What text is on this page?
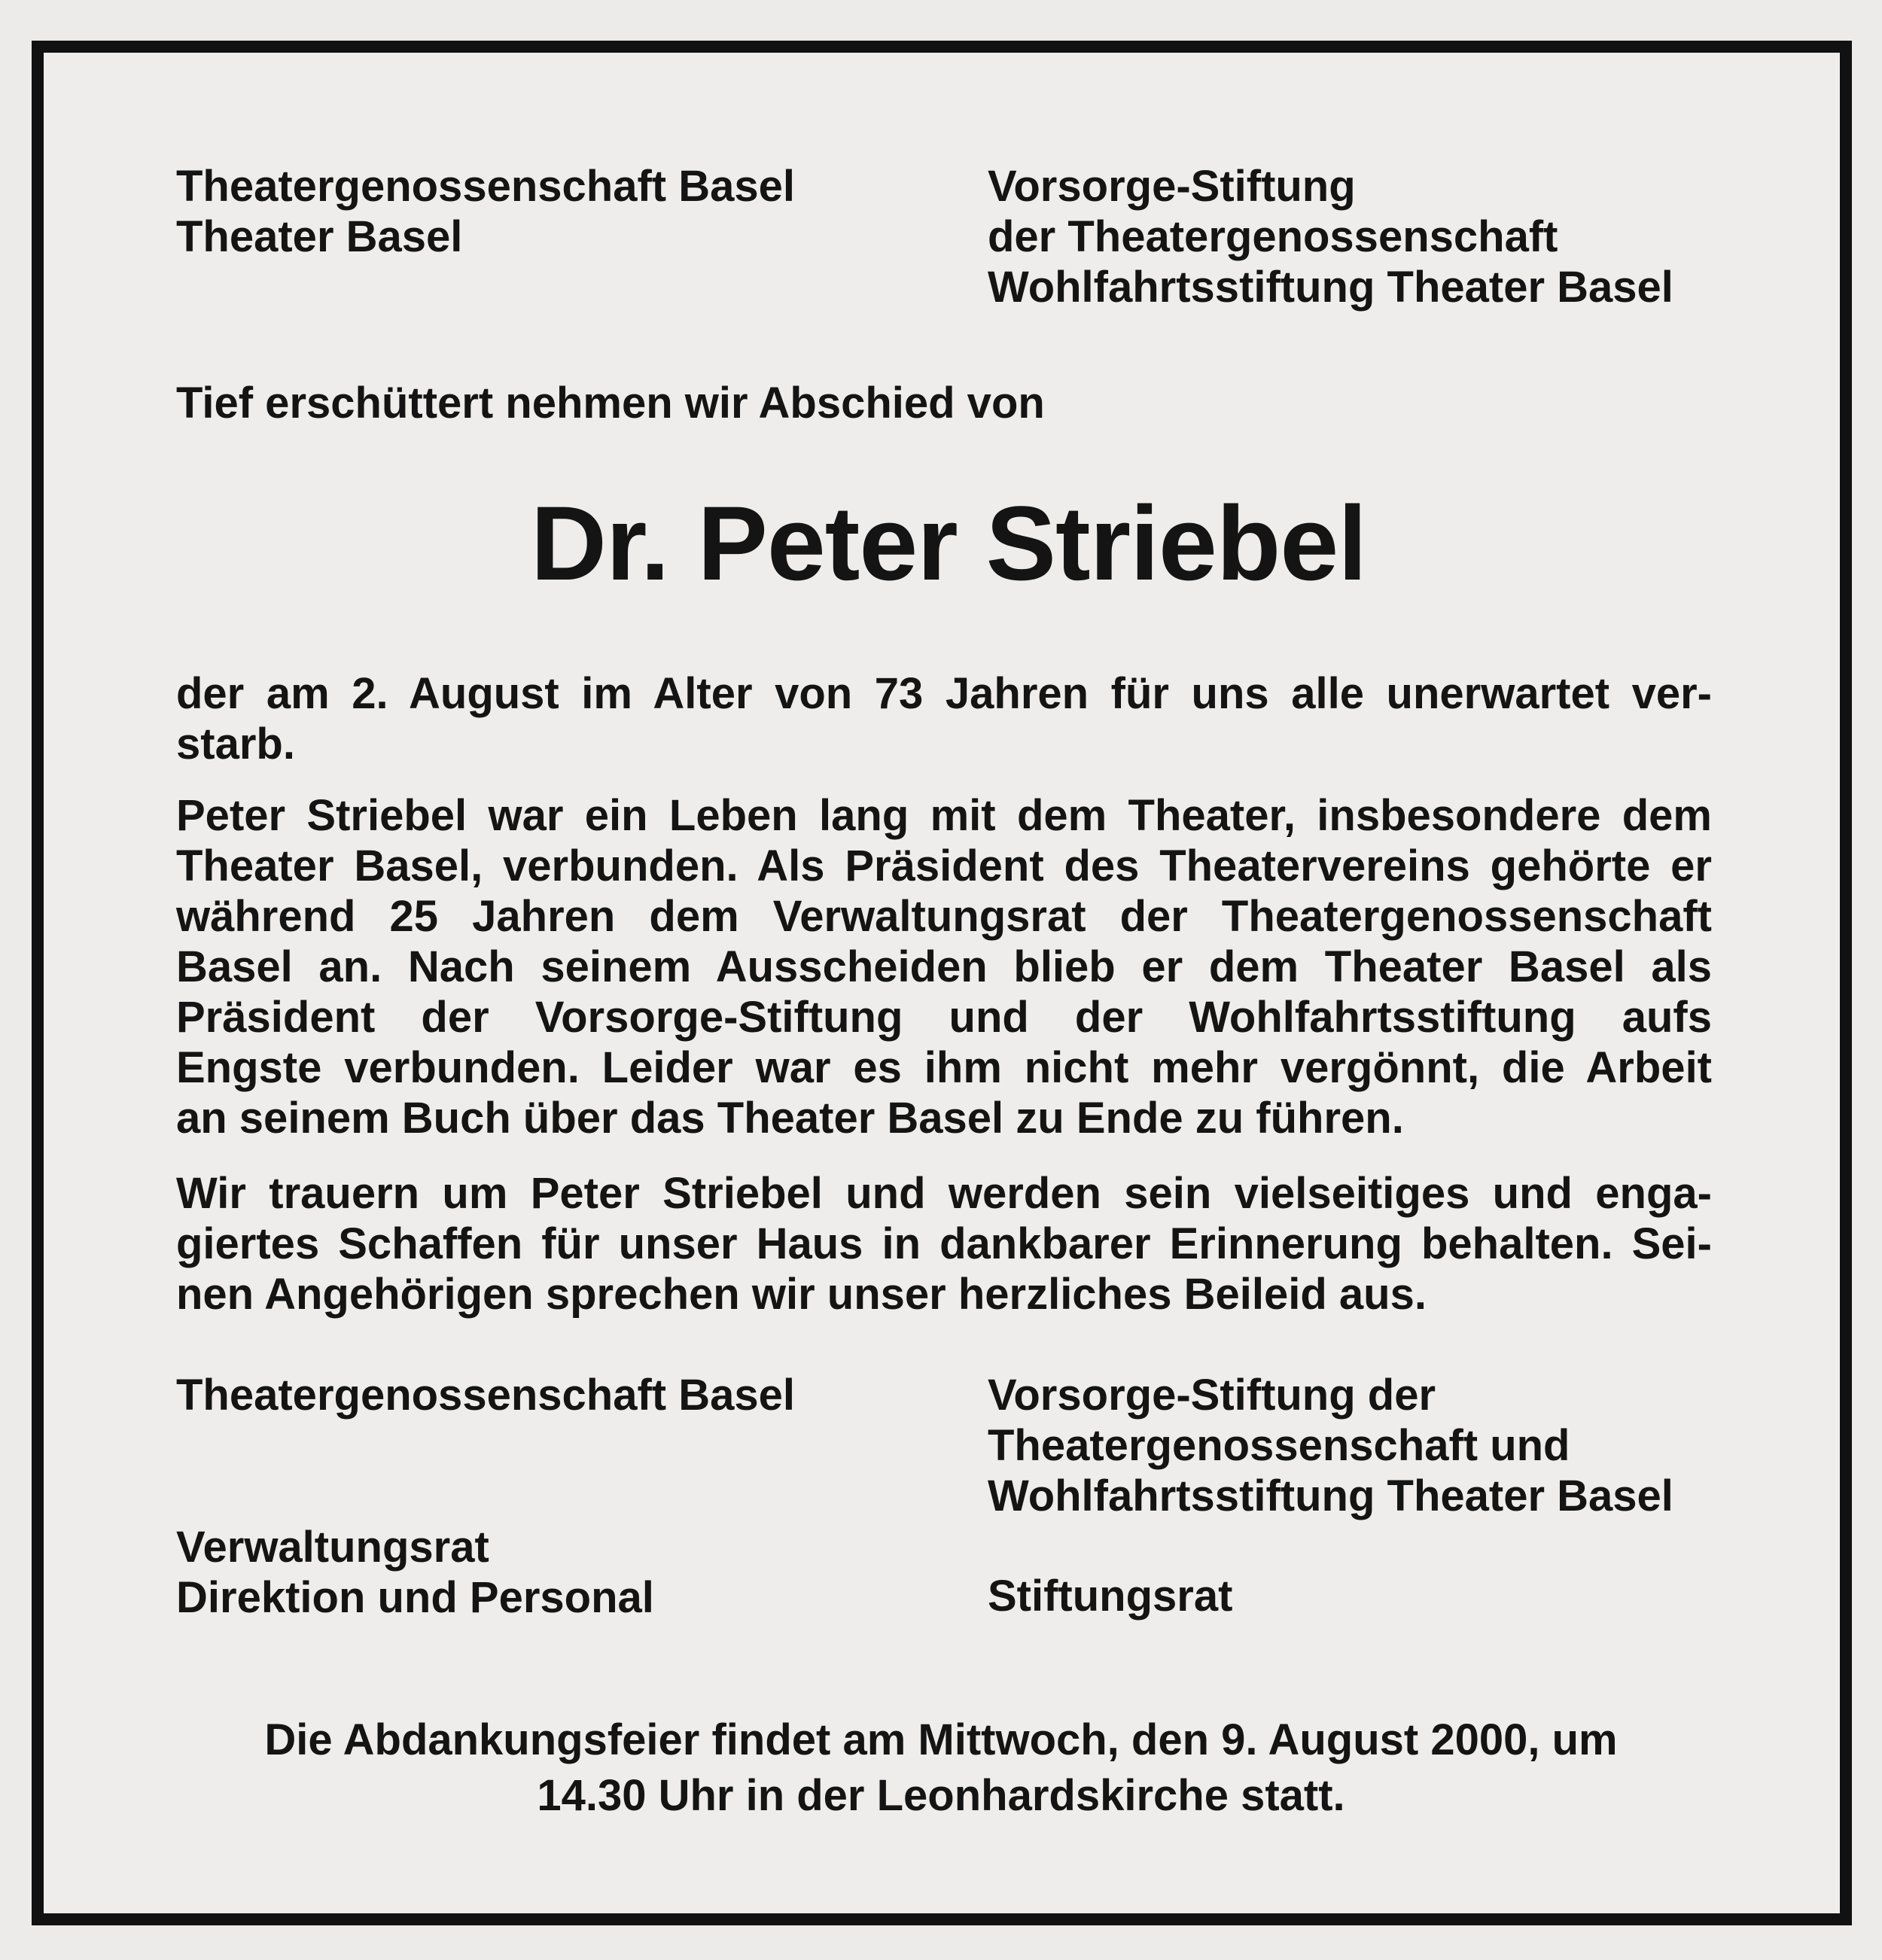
Theatergenossenschaft Basel
Theater Basel
Vorsorge-Stiftung
der Theatergenossenschaft
Wohlfahrtsstiftung Theater Basel
Tief erschüttert nehmen wir Abschied von
Dr. Peter Striebel

der am 2. August im Alter von 73 Jahren für uns alle unerwartet ver-
starb.

Peter Striebel war ein Leben lang mit dem Theater, insbesondere dem
Theater Basel, verbunden. Als Präsident des Theatervereins gehörte er
während 25 Jahren dem Verwaltungsrat der Theatergenossenschaft
Basel an. Nach seinem Ausscheiden blieb er dem Theater Basel als
Präsident der Vorsorge-Stiftung und der Wohlfahrtsstiftung aufs
Engste verbunden. Leider war es ihm nicht mehr vergönnt, die Arbeit
an seinem Buch über das Theater Basel zu Ende zu führen.

Wir trauern um Peter Striebel und werden sein vielseitiges und enga-
giertes Schaffen für unser Haus in dankbarer Erinnerung behalten. Sei-
nen Angehörigen sprechen wir unser herzliches Beileid aus.

Theatergenossenschaft Basel	Vorsorge-Stiftung der
Theatergenossenschaft und
Wohlfahrtsstiftung Theater Basel
Verwaltungsrat
Direktion und Personal	Stiftungsrat
Die Abdankungsfeier findet am Mittwoch, den 9. August 2000, um
14.30 Uhr in der Leonhardskirche statt.
